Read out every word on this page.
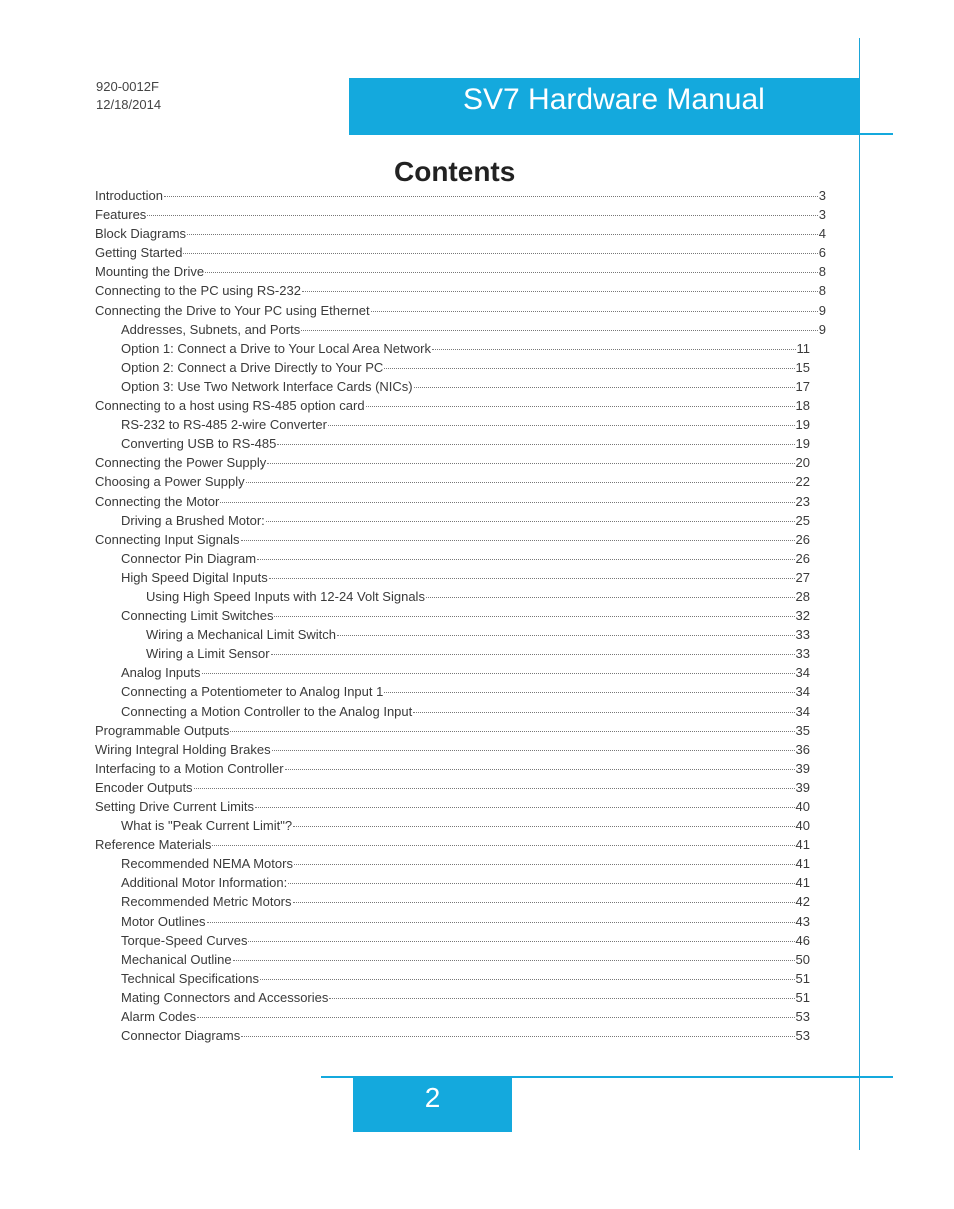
920-0012F
12/18/2014	SV7 Hardware Manual
Contents
Introduction	3
Features	3
Block Diagrams	4
Getting Started	6
Mounting the Drive	8
Connecting to the PC using RS-232	8
Connecting the Drive to Your PC using Ethernet	9
Addresses, Subnets, and Ports	9
Option 1: Connect a Drive to Your Local Area Network	11
Option 2: Connect a Drive Directly to Your PC	15
Option 3: Use Two Network Interface Cards (NICs)	17
Connecting to a host using RS-485 option card	18
RS-232 to RS-485 2-wire Converter	19
Converting USB to RS-485	19
Connecting the Power Supply	20
Choosing a Power Supply	22
Connecting the Motor	23
Driving a Brushed Motor:	25
Connecting Input Signals	26
Connector Pin Diagram	26
High Speed Digital Inputs	27
Using High Speed Inputs with 12-24 Volt Signals	28
Connecting Limit Switches	32
Wiring a Mechanical Limit Switch	33
Wiring a Limit Sensor	33
Analog Inputs	34
Connecting a Potentiometer to Analog Input 1	34
Connecting a Motion Controller to the Analog Input	34
Programmable Outputs	35
Wiring Integral Holding Brakes	36
Interfacing to a Motion Controller	39
Encoder Outputs	39
Setting Drive Current Limits	40
What is "Peak Current Limit"?	40
Reference Materials	41
Recommended NEMA Motors	41
Additional Motor Information:	41
Recommended Metric Motors	42
Motor Outlines	43
Torque-Speed Curves	46
Mechanical Outline	50
Technical Specifications	51
Mating Connectors and Accessories	51
Alarm Codes	53
Connector Diagrams	53
2
